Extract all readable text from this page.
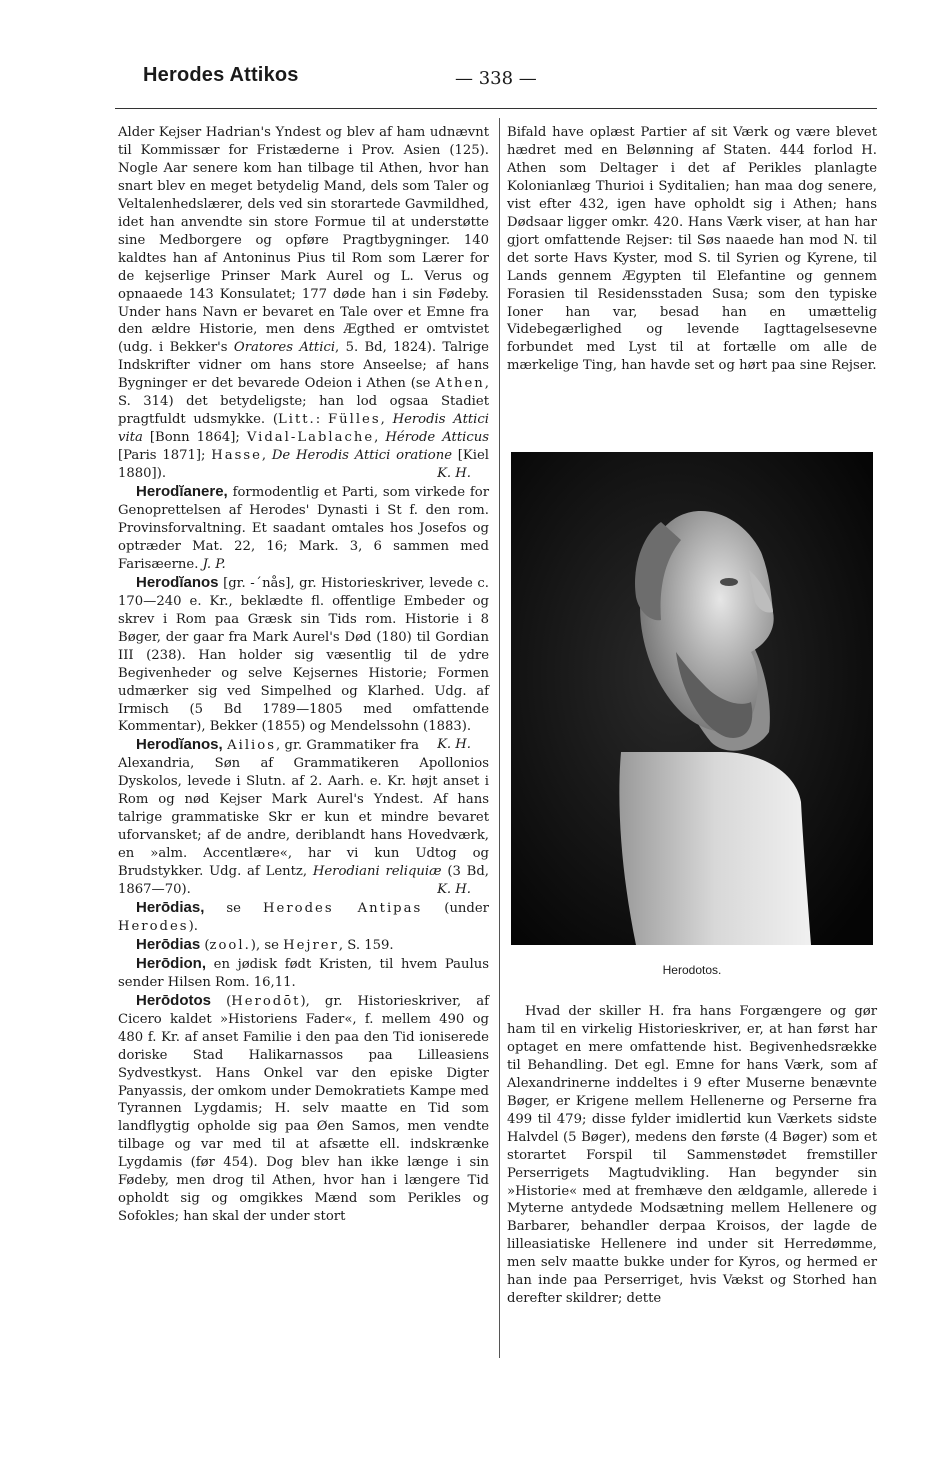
Herodes Attikos	— 338 —

Alder Kejser Hadrian's Yndest og blev af ham udnævnt til Kommissær for Fristæderne i Prov. Asien (125). Nogle Aar senere kom han tilbage til Athen, hvor han snart blev en meget betydelig Mand, dels som Taler og Veltalenhedslærer, dels ved sin storartede Gavmildhed, idet han anvendte sin store Formue til at understøtte sine Medborgere og opføre Pragtbygninger. 140 kaldtes han af Antoninus Pius til Rom som Lærer for de kejserlige Prinser Mark Aurel og L. Verus og opnaaede 143 Konsulatet; 177 døde han i sin Fødeby. Under hans Navn er bevaret en Tale over et Emne fra den ældre Historie, men dens Ægthed er omtvistet (udg. i Bekker's Oratores Attici, 5. Bd, 1824). Talrige Indskrifter vidner om hans store Anseelse; af hans Bygninger er det bevarede Odeion i Athen (se Athen, S. 314) det betydeligste; han lod ogsaa Stadiet pragtfuldt udsmykke. (Litt.: Fülles, Herodis Attici vita [Bonn 1864]; Vidal-Lablache, Hérode Atticus [Paris 1871]; Hasse, De Herodis Attici oratione [Kiel 1880]).	K. H.

Herodĭanere, formodentlig et Parti, som virkede for Genoprettelsen af Herodes' Dynasti i St f. den rom. Provinsforvaltning. Et saadant omtales hos Josefos og optræder Mat. 22, 16; Mark. 3, 6 sammen med Farisæerne. J. P.

Herodĭanos [gr. -ˊnås], gr. Historieskriver, levede c. 170—240 e. Kr., beklædte fl. offentlige Embeder og skrev i Rom paa Græsk sin Tids rom. Historie i 8 Bøger, der gaar fra Mark Aurel's Død (180) til Gordian III (238). Han holder sig væsentlig til de ydre Begivenheder og selve Kejsernes Historie; Formen udmærker sig ved Simpelhed og Klarhed. Udg. af Irmisch (5 Bd 1789—1805 med omfattende Kommentar), Bekker (1855) og Mendelssohn (1883).
K. H.

Herodĭanos, Ailios, gr. Grammatiker fra Alexandria, Søn af Grammatikeren Apollonios Dyskolos, levede i Slutn. af 2. Aarh. e. Kr. højt anset i Rom og nød Kejser Mark Aurel's Yndest. Af hans talrige grammatiske Skr er kun et mindre bevaret uforvansket; af de andre, deriblandt hans Hovedværk, en »alm. Accentlære«, har vi kun Udtog og Brudstykker. Udg. af Lentz, Herodiani reliquiæ (3 Bd, 1867—70).	K. H.

Herōdias, se Herodes Antipas (under Herodes).

Herōdias (zool.), se Hejrer, S. 159.

Herōdion, en jødisk født Kristen, til hvem Paulus sender Hilsen Rom. 16,11.

Herōdotos (Herodōt), gr. Historieskriver, af Cicero kaldet »Historiens Fader«, f. mellem 490 og 480 f. Kr. af anset Familie i den paa den Tid ioniserede doriske Stad Halikarnassos paa Lilleasiens Sydvestkyst. Hans Onkel var den episke Digter Panyassis, der omkom under Demokratiets Kampe med Tyrannen Lygdamis; H. selv maatte en Tid som landflygtig opholde sig paa Øen Samos, men vendte tilbage og var med til at afsætte ell. indskrænke Lygdamis (før 454). Dog blev han ikke længe i sin Fødeby, men drog til Athen, hvor han i længere Tid opholdt sig og omgikkes Mænd som Perikles og Sofokles; han skal der under stort

Bifald have oplæst Partier af sit Værk og være blevet hædret med en Belønning af Staten. 444 forlod H. Athen som Deltager i det af Perikles planlagte Kolonianlæg Thurioi i Syditalien; han maa dog senere, vist efter 432, igen have opholdt sig i Athen; hans Dødsaar ligger omkr. 420. Hans Værk viser, at han har gjort omfattende Rejser: til Søs naaede han mod N. til det sorte Havs Kyster, mod S. til Syrien og Kyrene, til Lands gennem Ægypten til Elefantine og gennem Forasien til Residensstaden Susa; som den typiske Ioner han var, besad han en umættelig Videbegærlighed og levende Iagttagelsesevne forbundet med Lyst til at fortælle om alle de mærkelige Ting, han havde set og hørt paa sine Rejser.

Herodotos.

Hvad der skiller H. fra hans Forgængere og gør ham til en virkelig Historieskriver, er, at han først har optaget en mere omfattende hist. Begivenhedsrække til Behandling. Det egl. Emne for hans Værk, som af Alexandrinerne inddeltes i 9 efter Muserne benævnte Bøger, er Krigene mellem Hellenerne og Perserne fra 499 til 479; disse fylder imidlertid kun Værkets sidste Halvdel (5 Bøger), medens den første (4 Bøger) som et storartet Forspil til Sammenstødet fremstiller Perserrigets Magtudvikling. Han begynder sin »Historie« med at fremhæve den ældgamle, allerede i Myterne antydede Modsætning mellem Hellenere og Barbarer, behandler derpaa Kroisos, der lagde de lilleasiatiske Hellenere ind under sit Herredømme, men selv maatte bukke under for Kyros, og hermed er han inde paa Perserriget, hvis Vækst og Storhed han derefter skildrer; dette
